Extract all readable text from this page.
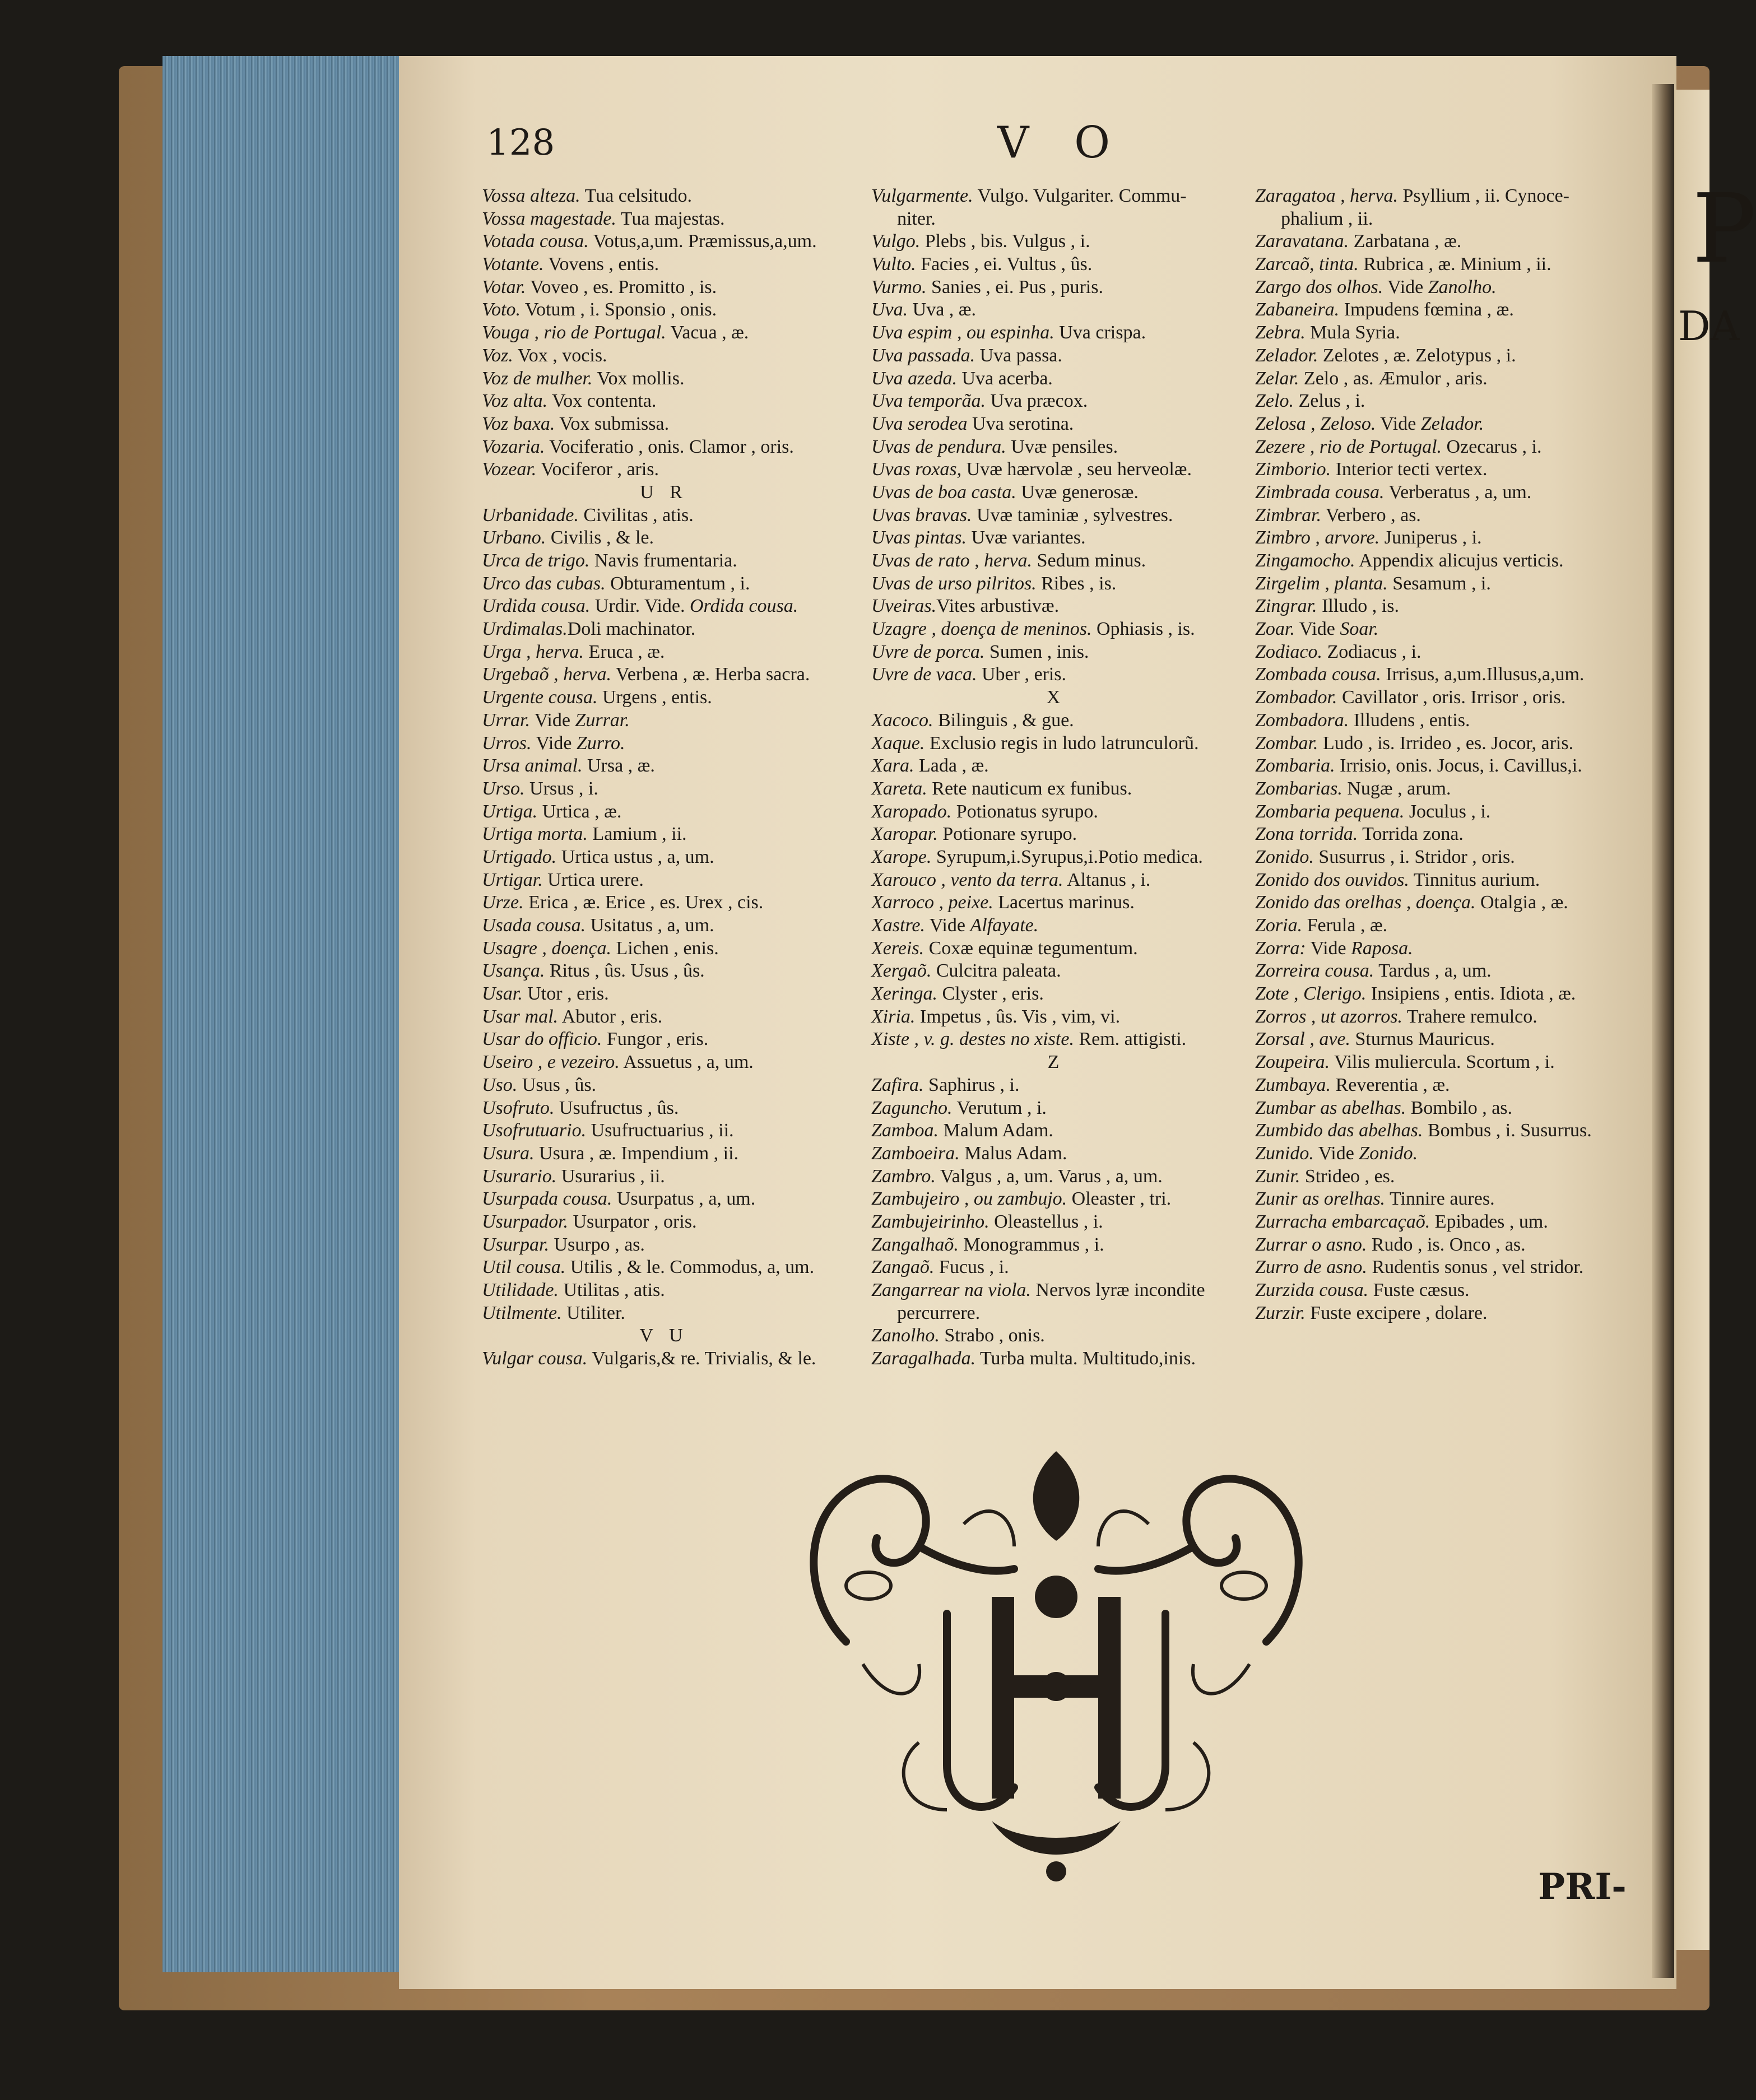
P
DA
128	V O
Vossa alteza. Tua celsitudo.
Vossa magestade. Tua majestas.
Votada cousa. Votus,a,um. Præmissus,a,um.
Votante. Vovens , entis.
Votar. Voveo , es. Promitto , is.
Voto. Votum , i. Sponsio , onis.
Vouga , rio de Portugal. Vacua , æ.
Voz. Vox , vocis.
Voz de mulher. Vox mollis.
Voz alta. Vox contenta.
Voz baxa. Vox submissa.
Vozaria. Vociferatio , onis. Clamor , oris.
Vozear. Vociferor , aris.
U R
Urbanidade. Civilitas , atis.
Urbano. Civilis , & le.
Urca de trigo. Navis frumentaria.
Urco das cubas. Obturamentum , i.
Urdida cousa. Urdir. Vide. Ordida cousa.
Urdimalas.Doli machinator.
Urga , herva. Eruca , æ.
Urgebaõ , herva. Verbena , æ. Herba sacra.
Urgente cousa. Urgens , entis.
Urrar. Vide Zurrar.
Urros. Vide Zurro.
Ursa animal. Ursa , æ.
Urso. Ursus , i.
Urtiga. Urtica , æ.
Urtiga morta. Lamium , ii.
Urtigado. Urtica ustus , a, um.
Urtigar. Urtica urere.
Urze. Erica , æ. Erice , es. Urex , cis.
Usada cousa. Usitatus , a, um.
Usagre , doença. Lichen , enis.
Usança. Ritus , ûs. Usus , ûs.
Usar. Utor , eris.
Usar mal. Abutor , eris.
Usar do officio. Fungor , eris.
Useiro , e vezeiro. Assuetus , a, um.
Uso. Usus , ûs.
Usofruto. Usufructus , ûs.
Usofrutuario. Usufructuarius , ii.
Usura. Usura , æ. Impendium , ii.
Usurario. Usurarius , ii.
Usurpada cousa. Usurpatus , a, um.
Usurpador. Usurpator , oris.
Usurpar. Usurpo , as.
Util cousa. Utilis , & le. Commodus, a, um.
Utilidade. Utilitas , atis.
Utilmente. Utiliter.
V U
Vulgar cousa. Vulgaris,& re. Trivialis, & le.
Vulgarmente. Vulgo. Vulgariter. Commu-
niter.
Vulgo. Plebs , bis. Vulgus , i.
Vulto. Facies , ei. Vultus , ûs.
Vurmo. Sanies , ei. Pus , puris.
Uva. Uva , æ.
Uva espim , ou espinha. Uva crispa.
Uva passada. Uva passa.
Uva azeda. Uva acerba.
Uva temporãa. Uva præcox.
Uva serodea Uva serotina.
Uvas de pendura. Uvæ pensiles.
Uvas roxas, Uvæ hærvolæ , seu herveolæ.
Uvas de boa casta. Uvæ generosæ.
Uvas bravas. Uvæ taminiæ , sylvestres.
Uvas pintas. Uvæ variantes.
Uvas de rato , herva. Sedum minus.
Uvas de urso pilritos. Ribes , is.
Uveiras.Vites arbustivæ.
Uzagre , doença de meninos. Ophiasis , is.
Uvre de porca. Sumen , inis.
Uvre de vaca. Uber , eris.
X
Xacoco. Bilinguis , & gue.
Xaque. Exclusio regis in ludo latrunculorũ.
Xara. Lada , æ.
Xareta. Rete nauticum ex funibus.
Xaropado. Potionatus syrupo.
Xaropar. Potionare syrupo.
Xarope. Syrupum,i.Syrupus,i.Potio medica.
Xarouco , vento da terra. Altanus , i.
Xarroco , peixe. Lacertus marinus.
Xastre. Vide Alfayate.
Xereis. Coxæ equinæ tegumentum.
Xergaõ. Culcitra paleata.
Xeringa. Clyster , eris.
Xiria. Impetus , ûs. Vis , vim, vi.
Xiste , v. g. destes no xiste. Rem. attigisti.
Z
Zafira. Saphirus , i.
Zaguncho. Verutum , i.
Zamboa. Malum Adam.
Zamboeira. Malus Adam.
Zambro. Valgus , a, um. Varus , a, um.
Zambujeiro , ou zambujo. Oleaster , tri.
Zambujeirinho. Oleastellus , i.
Zangalhaõ. Monogrammus , i.
Zangaõ. Fucus , i.
Zangarrear na viola. Nervos lyræ incondite
percurrere.
Zanolho. Strabo , onis.
Zaragalhada. Turba multa. Multitudo,inis.
Zaragatoa , herva. Psyllium , ii. Cynoce-
phalium , ii.
Zaravatana. Zarbatana , æ.
Zarcaõ, tinta. Rubrica , æ. Minium , ii.
Zargo dos olhos. Vide Zanolho.
Zabaneira. Impudens fœmina , æ.
Zebra. Mula Syria.
Zelador. Zelotes , æ. Zelotypus , i.
Zelar. Zelo , as. Æmulor , aris.
Zelo. Zelus , i.
Zelosa , Zeloso. Vide Zelador.
Zezere , rio de Portugal. Ozecarus , i.
Zimborio. Interior tecti vertex.
Zimbrada cousa. Verberatus , a, um.
Zimbrar. Verbero , as.
Zimbro , arvore. Juniperus , i.
Zingamocho. Appendix alicujus verticis.
Zirgelim , planta. Sesamum , i.
Zingrar. Illudo , is.
Zoar. Vide Soar.
Zodiaco. Zodiacus , i.
Zombada cousa. Irrisus, a,um.Illusus,a,um.
Zombador. Cavillator , oris. Irrisor , oris.
Zombadora. Illudens , entis.
Zombar. Ludo , is. Irrideo , es. Jocor, aris.
Zombaria. Irrisio, onis. Jocus, i. Cavillus,i.
Zombarias. Nugæ , arum.
Zombaria pequena. Joculus , i.
Zona torrida. Torrida zona.
Zonido. Susurrus , i. Stridor , oris.
Zonido dos ouvidos. Tinnitus aurium.
Zonido das orelhas , doença. Otalgia , æ.
Zoria. Ferula , æ.
Zorra: Vide Raposa.
Zorreira cousa. Tardus , a, um.
Zote , Clerigo. Insipiens , entis. Idiota , æ.
Zorros , ut azorros. Trahere remulco.
Zorsal , ave. Sturnus Mauricus.
Zoupeira. Vilis muliercula. Scortum , i.
Zumbaya. Reverentia , æ.
Zumbar as abelhas. Bombilo , as.
Zumbido das abelhas. Bombus , i. Susurrus.
Zunido. Vide Zonido.
Zunir. Strideo , es.
Zunir as orelhas. Tinnire aures.
Zurracha embarcaçaõ. Epibades , um.
Zurrar o asno. Rudo , is. Onco , as.
Zurro de asno. Rudentis sonus , vel stridor.
Zurzida cousa. Fuste cæsus.
Zurzir. Fuste excipere , dolare.
PRI-
